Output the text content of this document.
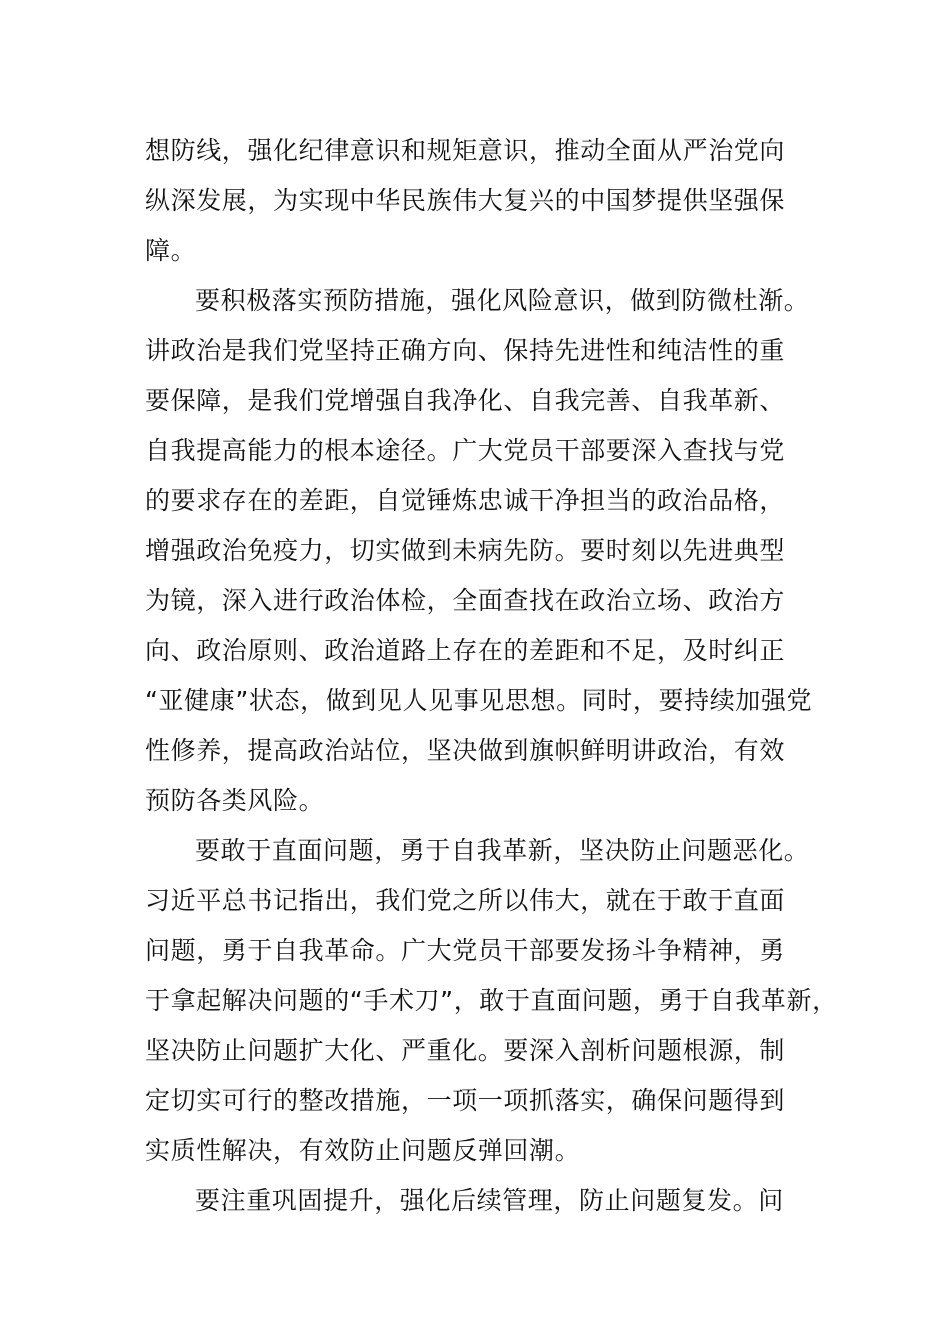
想防线，强化纪律意识和规矩意识，推动全面从严治党向
纵深发展，为实现中华民族伟大复兴的中国梦提供坚强保
障。
要积极落实预防措施，强化风险意识，做到防微杜渐。
讲政治是我们党坚持正确方向、保持先进性和纯洁性的重
要保障，是我们党增强自我净化、自我完善、自我革新、
自我提高能力的根本途径。广大党员干部要深入查找与党
的要求存在的差距，自觉锤炼忠诚干净担当的政治品格，
增强政治免疫力，切实做到未病先防。要时刻以先进典型
为镜，深入进行政治体检，全面查找在政治立场、政治方
向、政治原则、政治道路上存在的差距和不足，及时纠正
“亚健康”状态，做到见人见事见思想。同时，要持续加强党
性修养，提高政治站位，坚决做到旗帜鲜明讲政治，有效
预防各类风险。
要敢于直面问题，勇于自我革新，坚决防止问题恶化。
习近平总书记指出，我们党之所以伟大，就在于敢于直面
问题，勇于自我革命。广大党员干部要发扬斗争精神，勇
于拿起解决问题的“手术刀”，敢于直面问题，勇于自我革新，
坚决防止问题扩大化、严重化。要深入剖析问题根源，制
定切实可行的整改措施，一项一项抓落实，确保问题得到
实质性解决，有效防止问题反弹回潮。
要注重巩固提升，强化后续管理，防止问题复发。问
